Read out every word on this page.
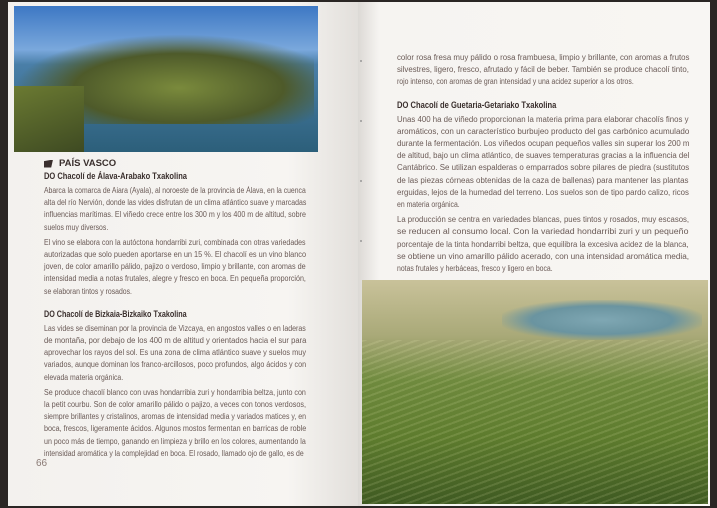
PAÍS VASCO
DO Chacolí de Álava-Arabako Txakolina
Abarca la comarca de Aiara (Ayala), al noroeste de la provincia de Álava, en la cuenca
alta del río Nervión, donde las vides disfrutan de un clima atlántico suave y marcadas
influencias marítimas. El viñedo crece entre los 300 m y los 400 m de altitud, sobre
suelos muy diversos.
El vino se elabora con la autóctona hondarribi zuri, combinada con otras variedades
autorizadas que solo pueden aportarse en un 15 %. El chacolí es un vino blanco
joven, de color amarillo pálido, pajizo o verdoso, limpio y brillante, con aromas de
intensidad media a notas frutales, alegre y fresco en boca. En pequeña proporción,
se elaboran tintos y rosados.
DO Chacolí de Bizkaia-Bizkaiko Txakolina
Las vides se diseminan por la provincia de Vizcaya, en angostos valles o en laderas
de montaña, por debajo de los 400 m de altitud y orientados hacia el sur para
aprovechar los rayos del sol. Es una zona de clima atlántico suave y suelos muy
variados, aunque dominan los franco-arcillosos, poco profundos, algo ácidos y con
elevada materia orgánica.
Se produce chacolí blanco con uvas hondarribia zuri y hondarribia beltza, junto con
la petit courbu. Son de color amarillo pálido o pajizo, a veces con tonos verdosos,
siempre brillantes y cristalinos, aromas de intensidad media y variados matices y, en
boca, frescos, ligeramente ácidos. Algunos mostos fermentan en barricas de roble
un poco más de tiempo, ganando en limpieza y brillo en los colores, aumentando la
intensidad aromática y la complejidad en boca. El rosado, llamado ojo de gallo, es de
66
color rosa fresa muy pálido o rosa frambuesa, limpio y brillante, con aromas a frutos
silvestres, ligero, fresco, afrutado y fácil de beber. También se produce chacolí tinto,
rojo intenso, con aromas de gran intensidad y una acidez superior a los otros.
DO Chacolí de Guetaria-Getariako Txakolina
Unas 400 ha de viñedo proporcionan la materia prima para elaborar chacolís finos y
aromáticos, con un característico burbujeo producto del gas carbónico acumulado
durante la fermentación. Los viñedos ocupan pequeños valles sin superar los 200 m
de altitud, bajo un clima atlántico, de suaves temperaturas gracias a la influencia del
Cantábrico. Se utilizan espalderas o emparrados sobre pilares de piedra (sustitutos
de las piezas córneas obtenidas de la caza de ballenas) para mantener las plantas
erguidas, lejos de la humedad del terreno. Los suelos son de tipo pardo calizo, ricos
en materia orgánica.
La producción se centra en variedades blancas, pues tintos y rosados, muy escasos,
se reducen al consumo local. Con la variedad hondarribi zuri y un pequeño
porcentaje de la tinta hondarribi beltza, que equilibra la excesiva acidez de la blanca,
se obtiene un vino amarillo pálido acerado, con una intensidad aromática media,
notas frutales y herbáceas, fresco y ligero en boca.
